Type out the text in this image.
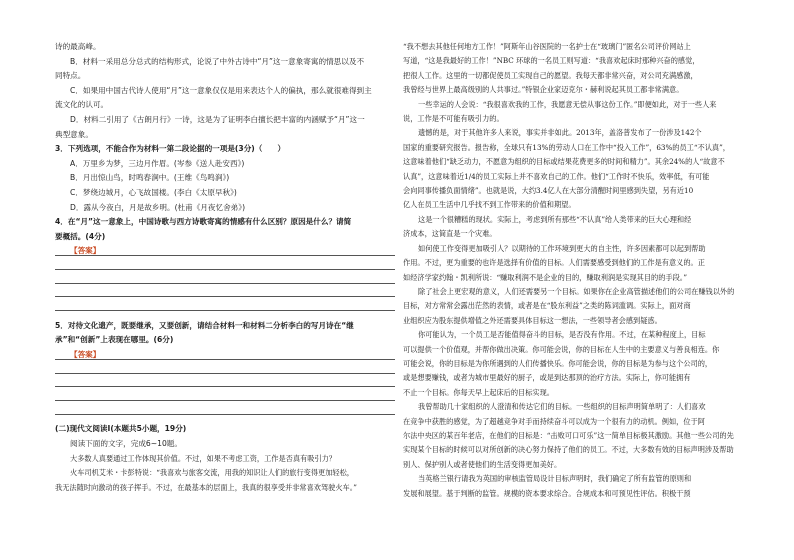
诗的最高峰。
B．材料一采用总分总式的结构形式，论说了中外古诗中“月”这一意象寄寓的情思以及不
同特点。
C．如果用中国古代诗人使用“月”这一意象仅仅是用来表达个人的偏执，那么就很难得到主
流文化的认可。
D．材料二引用了《古朗月行》一诗，这是为了证明李白擅长把丰富的内涵赋予“月”这一
典型意象。
3．下列选项，不能合作为材料一第二段论据的一项是(3分)（　　）
A．万里乡为梦，三边月作眉。(岑参《送人赴安西》)
B．月出惊山鸟，时鸣春涧中。(王维《鸟鸣涧》)
C．梦绕边城月，心飞故国楼。(李白《太原早秋》)
D．露从今夜白，月是故乡明。(杜甫《月夜忆舍弟》)
4．在“月”这一意象上，中国诗歌与西方诗歌寄寓的情感有什么区别？原因是什么？请简
要概括。(4分)
【答案】
5．对待文化遗产，既要继承，又要创新，请结合材料一和材料二分析李白的写月诗在“继
承”和“创新”上表现在哪里。(6分)
【答案】
(二)现代文阅读Ⅰ(本题共5小题，19分)
阅读下面的文字，完成6~10题。
大多数人真要通过工作体现其价值。不过，如果不考虑工资，工作是否真有吸引力？
火车司机艾米・卡彭特说：“我喜欢与旅客交流，用我的知识让人们的旅行变得更加轻松，
我无法随时向激动的孩子挥手。不过，在最基本的层面上，我真的很享受并非常喜欢驾驶火车。”
“我不想去其他任何地方工作！”阿斯年山谷医院的一名护士在“玻璃门”匿名公司评价网站上
写道，“这是我最好的工作！”NBC 环球的一名员工则写道：“我喜欢起床时那种兴奋的感觉，
把很人工作。这里的一切都促使员工实现自己的愿望。我每天都非常兴奋，对公司充满感激，
我曾经与世界上最高级别的人共事过。”特银企业家迈克尔・赫利说起其员工都非常满意。
一些幸运的人会说：“我很喜欢我的工作，我愿意无偿从事这份工作。”即便如此，对于一些人来
说，工作是不可能有吸引力的。
遗憾的是，对于其他许多人来说，事实并非如此。2013年，盖洛普发布了一份涉及142个
国家的重要研究报告。报告称，全球只有13%的劳动人口在工作中“投入工作”，63%的员工“不认真”，
这意味着他们“缺乏动力，不愿意为组织的目标或结果花费更多的时间和精力”。其余24%的人“故意不
认真”，这意味着近1/4的员工实际上并不喜欢自己的工作。他们“工作时不快乐，效率低，有可能
会向同事传播负面情绪”。也就是说，大约3.4亿人在大部分清醒时间里感到失望，另有近10
亿人在员工生活中几乎找不到工作带来的价值和期望。
这是一个很糟糕的现状。实际上，考虑到所有那些“不认真”给人类带来的巨大心理和经
济成本，这简直是一个灾难。
如何使工作变得更加吸引人？以期待的工作环境到更大的自主性，许多因素都可以起到帮助
作用。不过，更为重要的也许是选择有价值的目标。人们需要感受到他们的工作是有意义的。正
如经济学家约翰・凯利所说：“赚取利润不是企业的目的，赚取利润是实现其目的的手段。”
除了社会上更宏观的意义，人们还需要另一个目标。如果你在企业高管描述他们的公司在赚钱以外的
目标，对方常常会露出茫然的表情，或者是在“股东利益”之类的陈词滥调。实际上，面对商
业组织应为股东提供增值之外还需要具体目标这一想法，一些领导者会感到疑惑。
你可能认为，一个员工是否能值得奋斗的目标，是否没有作用。不过，在某种程度上，目标
可以提供一个价值观，并帮你做出决策。你可能会说，你的目标在人生中的主要意义与善良相连。你
可能会说，你的目标是为你所遇到的人们传播快乐。你可能会说，你的目标是为参与这个公司的，
或是想要赚钱，或者为城市里最好的厨子，或是到达那顶的治疗方法。实际上，你可能拥有
不止一个目标。你每天早上起床后的目标实现。
我曾帮助几十家组织的人澄清和传达它们的目标。一些组织的目标声明简单明了：人们喜欢
在竞争中获胜的感觉，为了超越竞争对手而持续奋斗可以成为一个很有力的动机。例如，位于阿
尔法中央区的某百年老店，在他们的目标是：“击败可口可乐”这一简单目标极其激励。其他一些公司的先
实现某个目标的时候可以对所创新的决心努力保持了他们的员工。不过，大多数有效的目标声明涉及帮助
别人、保护别人或者使他们的生活变得更加美好。
当英格兰银行请我为英国的审核监管局设计目标声明时，我们确定了所有监管的原则和
发展和展望。基于判断的监管。规模的资本要求综合。合规成本和可预见性评估。积极干预
